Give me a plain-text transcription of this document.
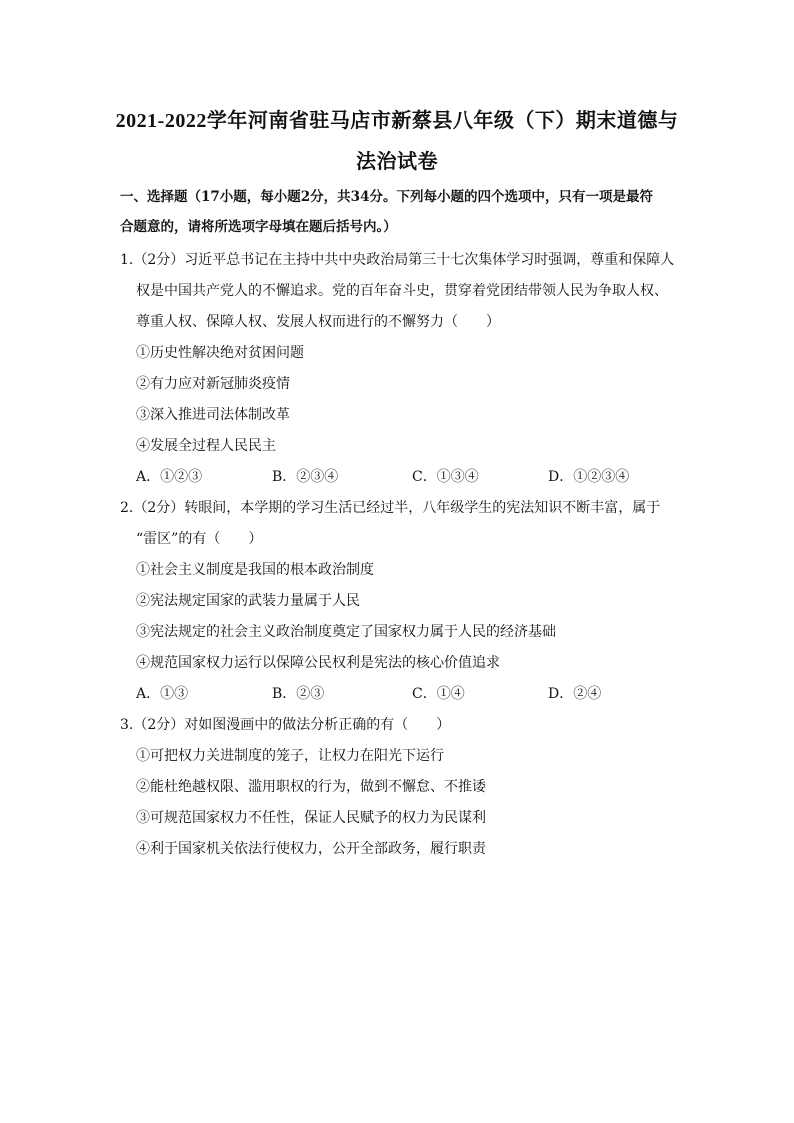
2021-2022学年河南省驻马店市新蔡县八年级（下）期末道德与
法治试卷
一、选择题（17小题，每小题2分，共34分。下列每小题的四个选项中，只有一项是最符
合题意的，请将所选项字母填在题后括号内。）
1.（2分）习近平总书记在主持中共中央政治局第三十七次集体学习时强调，尊重和保障人
权是中国共产党人的不懈追求。党的百年奋斗史，贯穿着党团结带领人民为争取人权、
尊重人权、保障人权、发展人权而进行的不懈努力（　　）
①历史性解决绝对贫困问题
②有力应对新冠肺炎疫情
③深入推进司法体制改革
④发展全过程人民民主
A．①②③	B．②③④	C．①③④	D．①②③④
2.（2分）转眼间，本学期的学习生活已经过半，八年级学生的宪法知识不断丰富，属于
“雷区”的有（　　）
①社会主义制度是我国的根本政治制度
②宪法规定国家的武装力量属于人民
③宪法规定的社会主义政治制度奠定了国家权力属于人民的经济基础
④规范国家权力运行以保障公民权利是宪法的核心价值追求
A．①③	B．②③	C．①④	D．②④
3.（2分）对如图漫画中的做法分析正确的有（　　）
①可把权力关进制度的笼子，让权力在阳光下运行
②能杜绝越权限、滥用职权的行为，做到不懈怠、不推诿
③可规范国家权力不任性，保证人民赋予的权力为民谋利
④利于国家机关依法行使权力，公开全部政务，履行职责
